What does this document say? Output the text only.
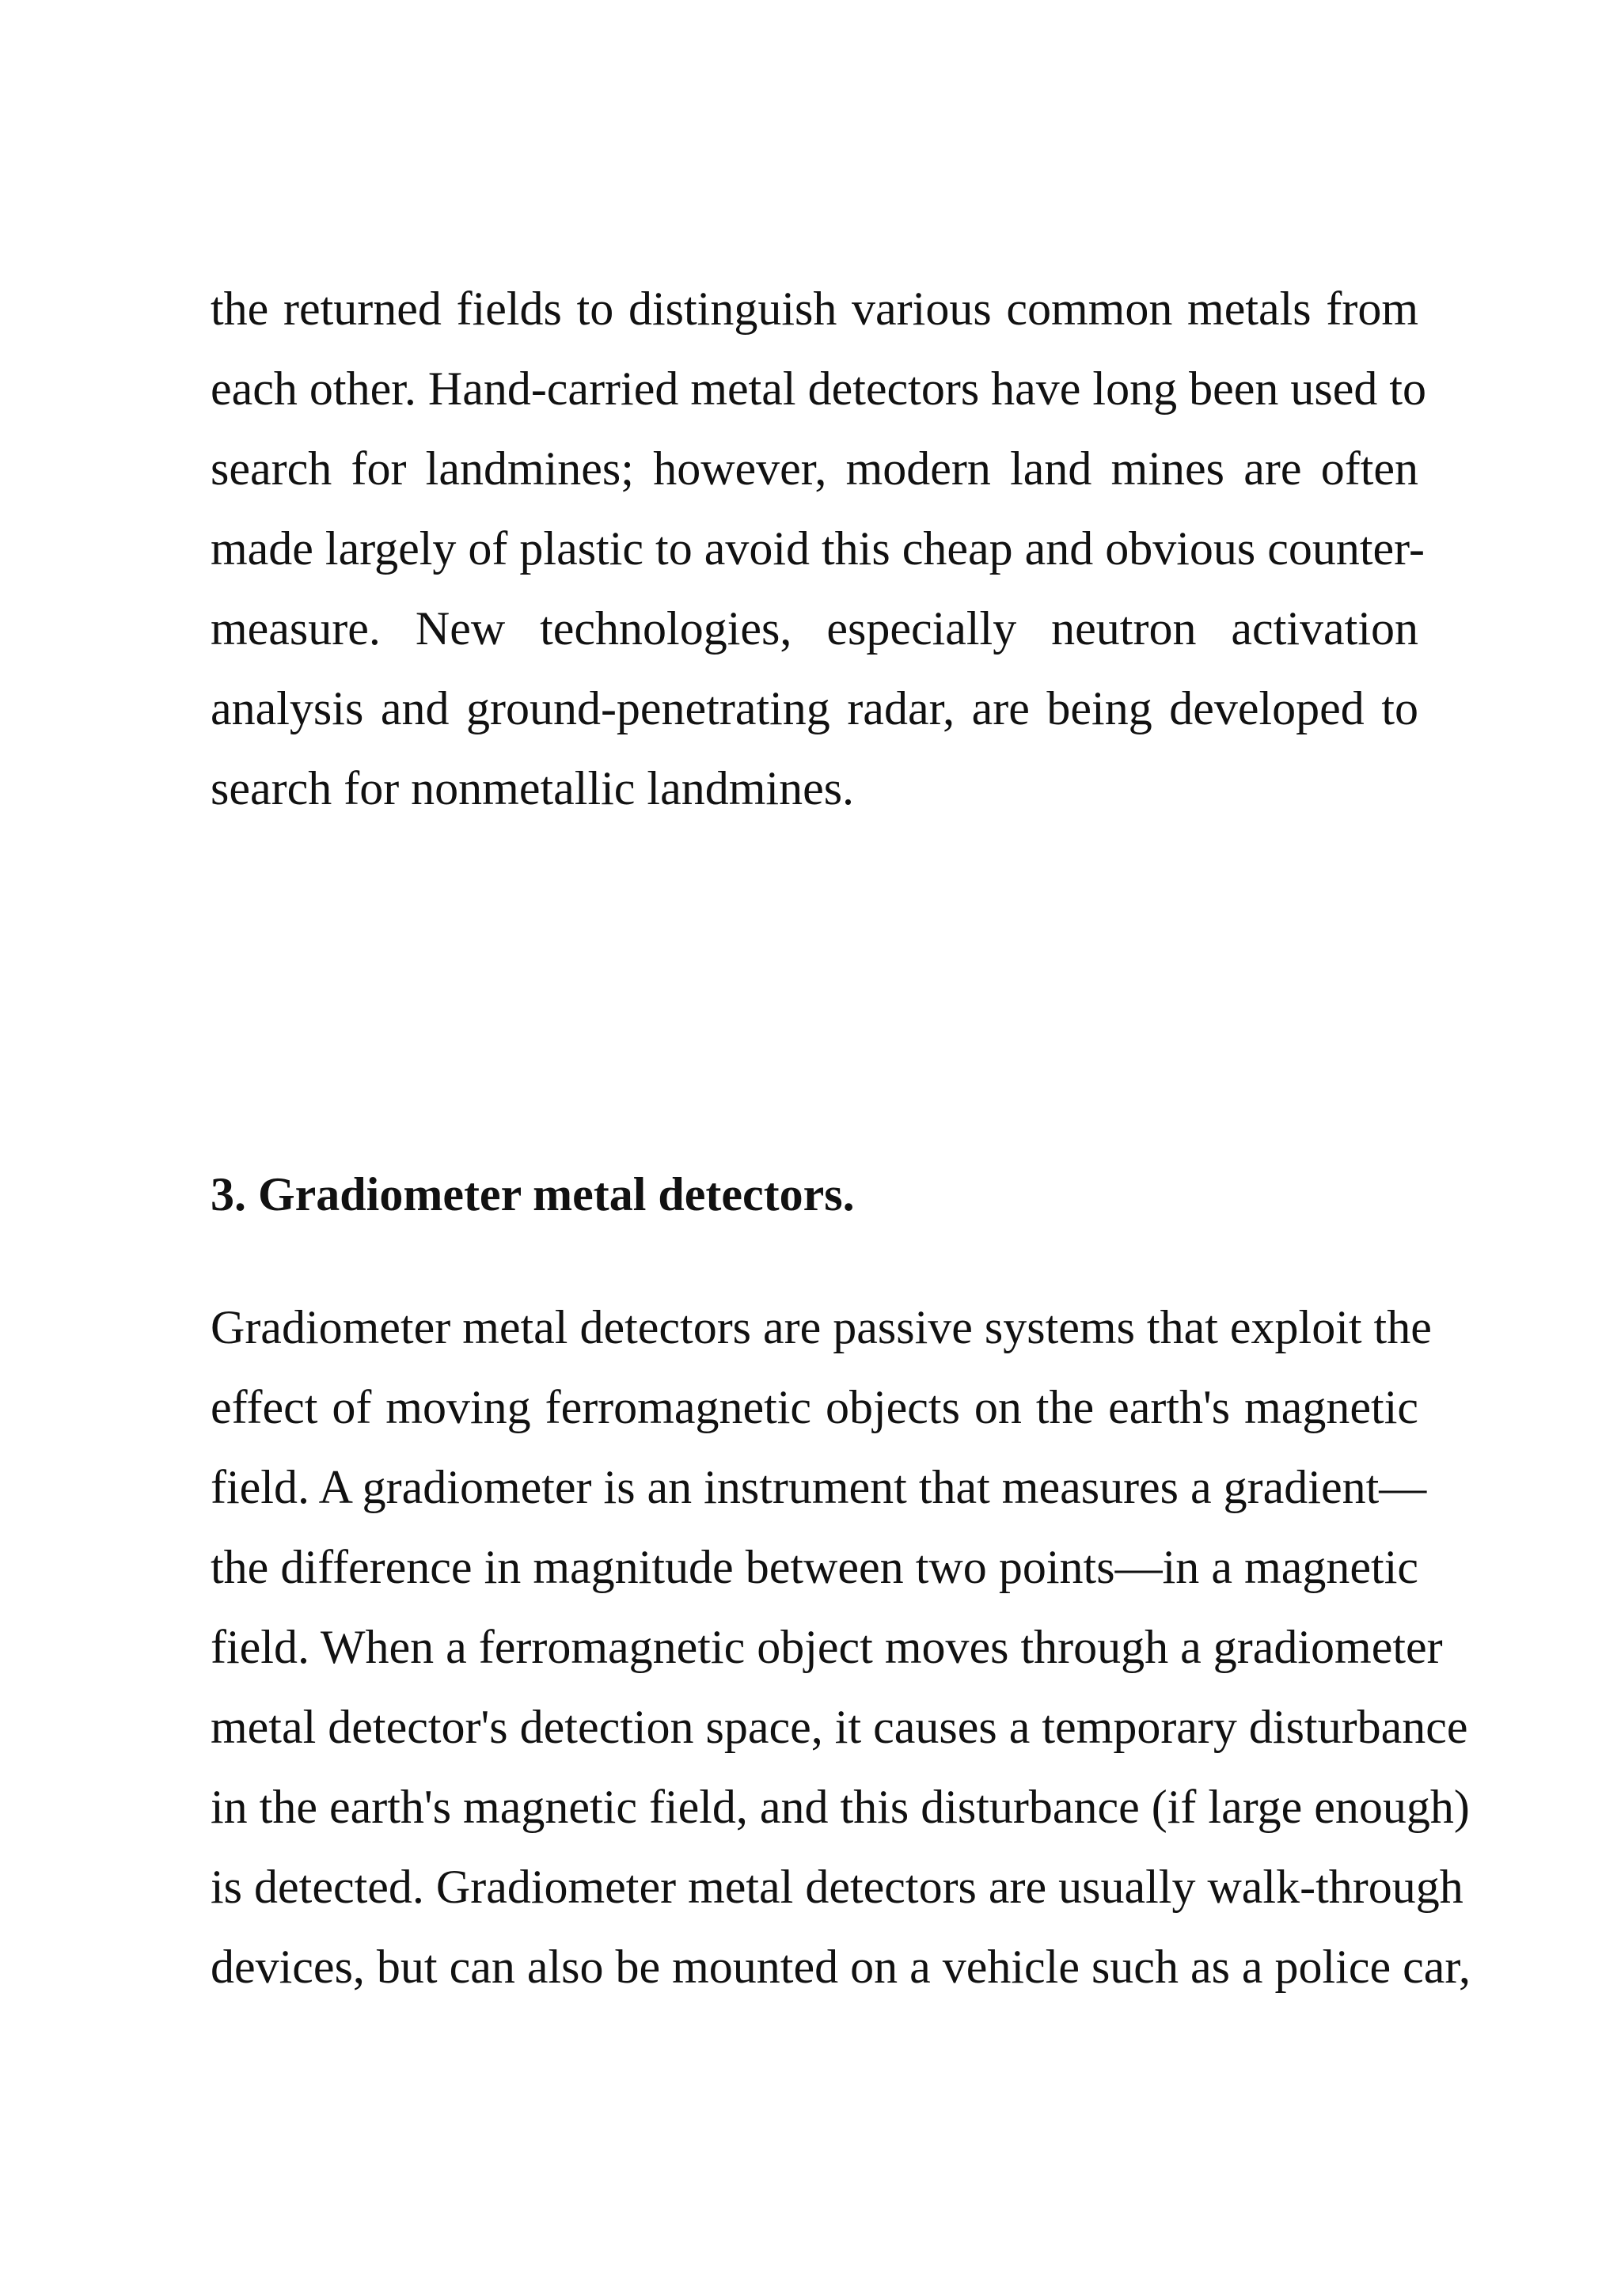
the returned fields to distinguish various common metals from

each other. Hand-carried metal detectors have long been used to

search for landmines; however, modern land mines are often

made largely of plastic to avoid this cheap and obvious counter-

measure. New technologies, especially neutron activation

analysis and ground-penetrating radar, are being developed to

search for nonmetallic landmines.

3. Gradiometer metal detectors.

Gradiometer metal detectors are passive systems that exploit the

effect of moving ferromagnetic objects on the earth's magnetic

field. A gradiometer is an instrument that measures a gradient—

the difference in magnitude between two points—in a magnetic

field. When a ferromagnetic object moves through a gradiometer

metal detector's detection space, it causes a temporary disturbance

in the earth's magnetic field, and this disturbance (if large enough)

is detected. Gradiometer metal detectors are usually walk-through

devices, but can also be mounted on a vehicle such as a police car,
